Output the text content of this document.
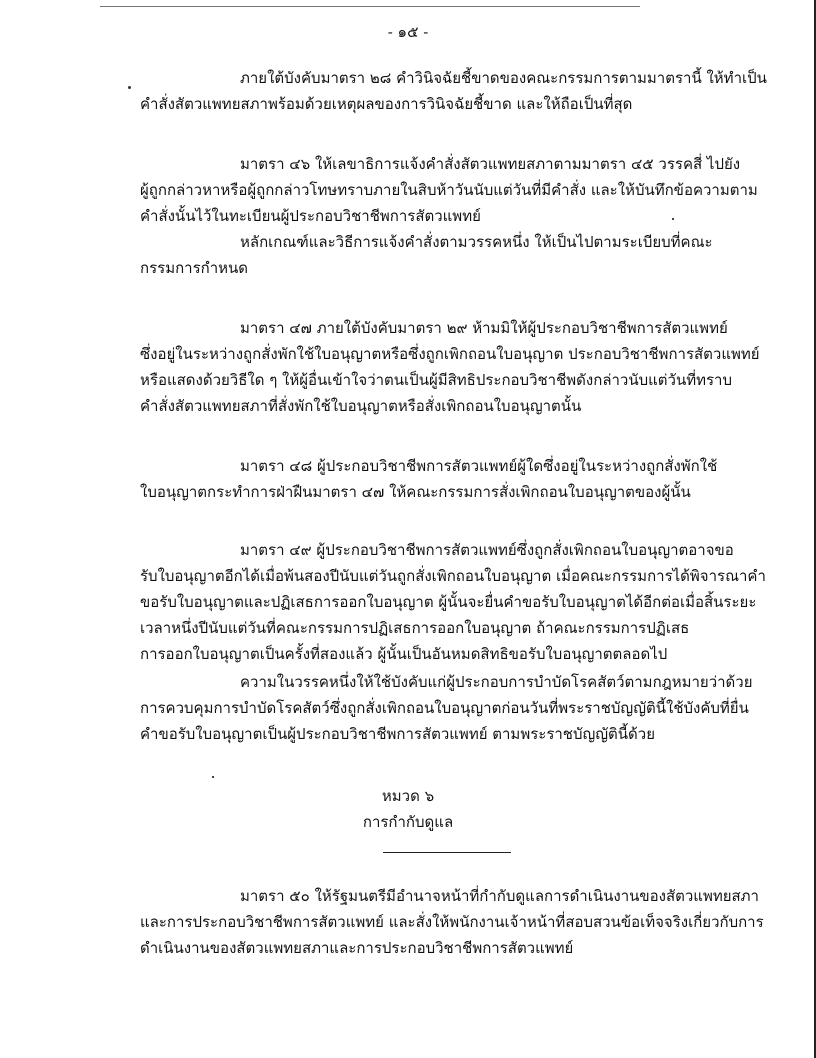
- ๑๕ -
ภายใต้บังคับมาตรา ๒๘ คำวินิจฉัยชี้ขาดของคณะกรรมการตามมาตรานี้ ให้ทำเป็น
คำสั่งสัตวแพทยสภาพร้อมด้วยเหตุผลของการวินิจฉัยชี้ขาด และให้ถือเป็นที่สุด
มาตรา ๔๖ ให้เลขาธิการแจ้งคำสั่งสัตวแพทยสภาตามมาตรา ๔๕ วรรคสี่ ไปยัง
ผู้ถูกกล่าวหาหรือผู้ถูกกล่าวโทษทราบภายในสิบห้าวันนับแต่วันที่มีคำสั่ง และให้บันทึกข้อความตาม
คำสั่งนั้นไว้ในทะเบียนผู้ประกอบวิชาชีพการสัตวแพทย์
หลักเกณฑ์และวิธีการแจ้งคำสั่งตามวรรคหนึ่ง ให้เป็นไปตามระเบียบที่คณะ
กรรมการกำหนด
มาตรา ๔๗ ภายใต้บังคับมาตรา ๒๙ ห้ามมิให้ผู้ประกอบวิชาชีพการสัตวแพทย์
ซึ่งอยู่ในระหว่างถูกสั่งพักใช้ใบอนุญาตหรือซึ่งถูกเพิกถอนใบอนุญาต ประกอบวิชาชีพการสัตวแพทย์
หรือแสดงด้วยวิธีใด ๆ ให้ผู้อื่นเข้าใจว่าตนเป็นผู้มีสิทธิประกอบวิชาชีพดังกล่าวนับแต่วันที่ทราบ
คำสั่งสัตวแพทยสภาที่สั่งพักใช้ใบอนุญาตหรือสั่งเพิกถอนใบอนุญาตนั้น
มาตรา ๔๘ ผู้ประกอบวิชาชีพการสัตวแพทย์ผู้ใดซึ่งอยู่ในระหว่างถูกสั่งพักใช้
ใบอนุญาตกระทำการฝ่าฝืนมาตรา ๔๗ ให้คณะกรรมการสั่งเพิกถอนใบอนุญาตของผู้นั้น
มาตรา ๔๙ ผู้ประกอบวิชาชีพการสัตวแพทย์ซึ่งถูกสั่งเพิกถอนใบอนุญาตอาจขอ
รับใบอนุญาตอีกได้เมื่อพ้นสองปีนับแต่วันถูกสั่งเพิกถอนใบอนุญาต เมื่อคณะกรรมการได้พิจารณาคำ
ขอรับใบอนุญาตและปฏิเสธการออกใบอนุญาต ผู้นั้นจะยื่นคำขอรับใบอนุญาตได้อีกต่อเมื่อสิ้นระยะ
เวลาหนึ่งปีนับแต่วันที่คณะกรรมการปฏิเสธการออกใบอนุญาต ถ้าคณะกรรมการปฏิเสธ
การออกใบอนุญาตเป็นครั้งที่สองแล้ว ผู้นั้นเป็นอันหมดสิทธิขอรับใบอนุญาตตลอดไป
ความในวรรคหนึ่งให้ใช้บังคับแก่ผู้ประกอบการบำบัดโรคสัตว์ตามกฎหมายว่าด้วย
การควบคุมการบำบัดโรคสัตว์ซึ่งถูกสั่งเพิกถอนใบอนุญาตก่อนวันที่พระราชบัญญัตินี้ใช้บังคับที่ยื่น
คำขอรับใบอนุญาตเป็นผู้ประกอบวิชาชีพการสัตวแพทย์ ตามพระราชบัญญัตินี้ด้วย
หมวด ๖
การกำกับดูแล
มาตรา ๕๐ ให้รัฐมนตรีมีอำนาจหน้าที่กำกับดูแลการดำเนินงานของสัตวแพทยสภา
และการประกอบวิชาชีพการสัตวแพทย์ และสั่งให้พนักงานเจ้าหน้าที่สอบสวนข้อเท็จจริงเกี่ยวกับการ
ดำเนินงานของสัตวแพทยสภาและการประกอบวิชาชีพการสัตวแพทย์
